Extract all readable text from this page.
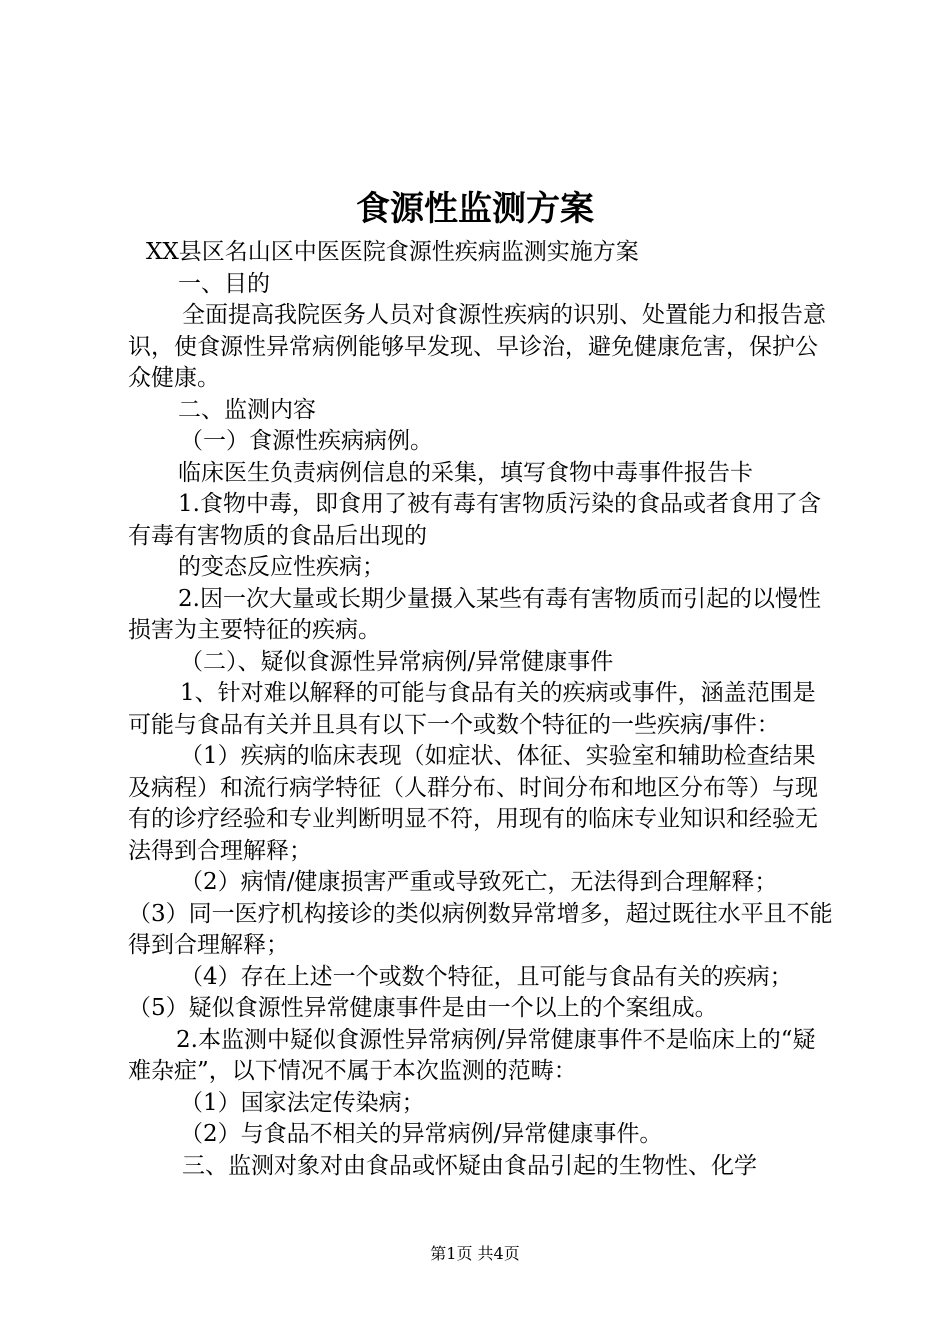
食源性监测方案

XX县区名山区中医医院食源性疾病监测实施方案

一、目的

全面提高我院医务人员对食源性疾病的识别、处置能力和报告意识，使食源性异常病例能够早发现、早诊治，避免健康危害，保护公众健康。

二、监测内容

（一）食源性疾病病例。

临床医生负责病例信息的采集，填写食物中毒事件报告卡

1.食物中毒，即食用了被有毒有害物质污染的食品或者食用了含有毒有害物质的食品后出现的

的变态反应性疾病；

2.因一次大量或长期少量摄入某些有毒有害物质而引起的以慢性损害为主要特征的疾病。

（二）、疑似食源性异常病例/异常健康事件

1、针对难以解释的可能与食品有关的疾病或事件，涵盖范围是可能与食品有关并且具有以下一个或数个特征的一些疾病/事件：

（1）疾病的临床表现（如症状、体征、实验室和辅助检查结果及病程）和流行病学特征（人群分布、时间分布和地区分布等）与现有的诊疗经验和专业判断明显不符，用现有的临床专业知识和经验无法得到合理解释；

（2）病情/健康损害严重或导致死亡，无法得到合理解释；

（3）同一医疗机构接诊的类似病例数异常增多，超过既往水平且不能得到合理解释；

（4）存在上述一个或数个特征，且可能与食品有关的疾病；

（5）疑似食源性异常健康事件是由一个以上的个案组成。

2.本监测中疑似食源性异常病例/异常健康事件不是临床上的“疑难杂症”，以下情况不属于本次监测的范畴：

（1）国家法定传染病；

（2）与食品不相关的异常病例/异常健康事件。

三、监测对象对由食品或怀疑由食品引起的生物性、化学

第1页 共4页
